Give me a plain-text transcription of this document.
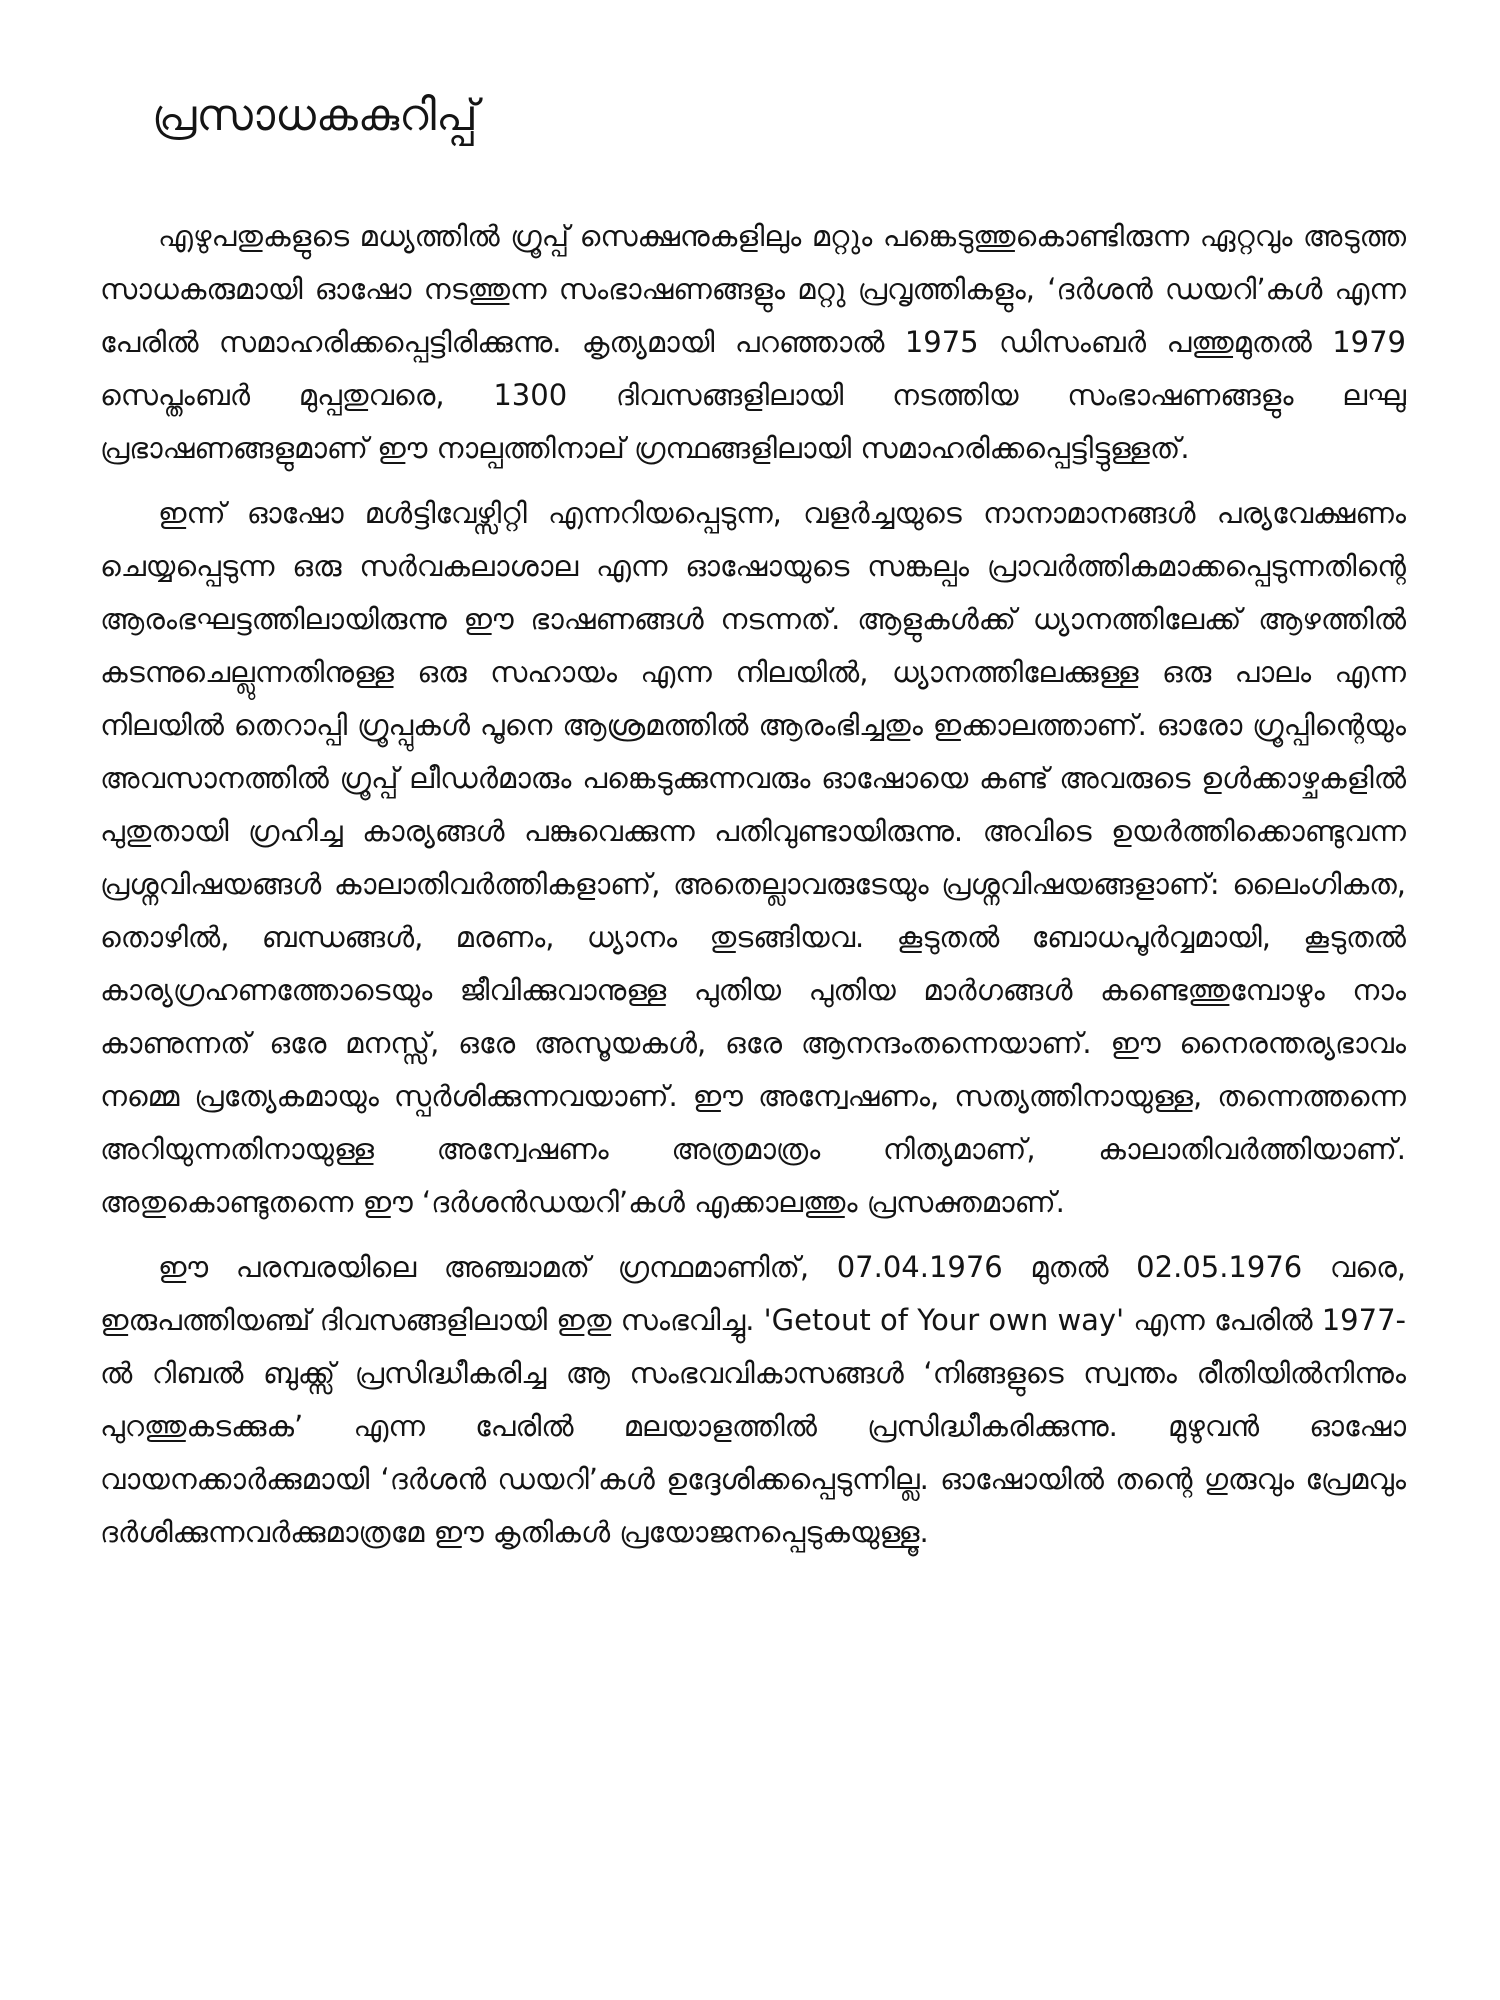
പ്രസാധകകുറിപ്പ്

എഴുപതുകളുടെ മധ്യത്തിൽ ഗ്രൂപ്പ് സെക്ഷനുകളിലും മറ്റും പങ്കെടുത്തുകൊണ്ടിരുന്ന ഏറ്റവും അടുത്ത സാധകരുമായി ഓഷോ നടത്തുന്ന സംഭാഷണങ്ങളും മറ്റു പ്രവൃത്തികളും, ‘ദർശൻ ഡയറി’കൾ എന്ന പേരിൽ സമാഹരിക്കപ്പെട്ടിരിക്കുന്നു. കൃത്യമായി പറഞ്ഞാൽ 1975 ഡിസംബർ പത്തുമുതൽ 1979 സെപ്തംബർ മുപ്പതുവരെ, 1300 ദിവസങ്ങളിലായി നടത്തിയ സംഭാഷണങ്ങളും ലഘു പ്രഭാഷണങ്ങളുമാണ് ഈ നാല്പത്തിനാല് ഗ്രന്ഥങ്ങളിലായി സമാഹരിക്കപ്പെട്ടിട്ടുള്ളത്.

ഇന്ന് ഓഷോ മൾട്ടിവേഴ്സിറ്റി എന്നറിയപ്പെടുന്ന, വളർച്ചയുടെ നാനാമാനങ്ങൾ പര്യവേക്ഷണം ചെയ്യപ്പെടുന്ന ഒരു സർവകലാശാല എന്ന ഓഷോയുടെ സങ്കല്പം പ്രാവർത്തികമാക്കപ്പെടുന്നതിന്റെ ആരംഭഘട്ടത്തിലായിരുന്നു ഈ ഭാഷണങ്ങൾ നടന്നത്. ആളുകൾക്ക് ധ്യാനത്തിലേക്ക് ആഴത്തിൽ കടന്നുചെല്ലുന്നതിനുള്ള ഒരു സഹായം എന്ന നിലയിൽ, ധ്യാനത്തിലേക്കുള്ള ഒരു പാലം എന്ന നിലയിൽ തെറാപ്പി ഗ്രൂപ്പുകൾ പൂനെ ആശ്രമത്തിൽ ആരംഭിച്ചതും ഇക്കാലത്താണ്. ഓരോ ഗ്രൂപ്പിന്റെയും അവസാനത്തിൽ ഗ്രൂപ്പ് ലീഡർമാരും പങ്കെടുക്കുന്നവരും ഓഷോയെ കണ്ട് അവരുടെ ഉൾക്കാഴ്ചകളിൽ പുതുതായി ഗ്രഹിച്ച കാര്യങ്ങൾ പങ്കുവെക്കുന്ന പതിവുണ്ടായിരുന്നു. അവിടെ ഉയർത്തിക്കൊണ്ടുവന്ന പ്രശ്നവിഷയങ്ങൾ കാലാതിവർത്തികളാണ്, അതെല്ലാവരുടേയും പ്രശ്നവിഷയങ്ങളാണ്: ലൈംഗികത, തൊഴിൽ, ബന്ധങ്ങൾ, മരണം, ധ്യാനം തുടങ്ങിയവ. കൂടുതൽ ബോധപൂർവ്വമായി, കൂടുതൽ കാര്യഗ്രഹണത്തോടെയും ജീവിക്കുവാനുള്ള പുതിയ പുതിയ മാർഗങ്ങൾ കണ്ടെത്തുമ്പോഴും നാം കാണുന്നത് ഒരേ മനസ്സ്, ഒരേ അസൂയകൾ, ഒരേ ആനന്ദംതന്നെയാണ്. ഈ നൈരന്തര്യഭാവം നമ്മെ പ്രത്യേകമായും സ്പർശിക്കുന്നവയാണ്. ഈ അന്വേഷണം, സത്യത്തിനായുള്ള, തന്നെത്തന്നെ അറിയുന്നതിനായുള്ള അന്വേഷണം അത്രമാത്രം നിത്യമാണ്, കാലാതിവർത്തിയാണ്. അതുകൊണ്ടുതന്നെ ഈ ‘ദർശൻഡയറി’കൾ എക്കാലത്തും പ്രസക്തമാണ്.

ഈ പരമ്പരയിലെ അഞ്ചാമത് ഗ്രന്ഥമാണിത്, 07.04.1976 മുതൽ 02.05.1976 വരെ, ഇരുപത്തിയഞ്ച് ദിവസങ്ങളിലായി ഇതു സംഭവിച്ചു. 'Getout of Your own way' എന്ന പേരിൽ 1977-ൽ റിബൽ ബുക്ക്സ് പ്രസിദ്ധീകരിച്ച ആ സംഭവവികാസങ്ങൾ ‘നിങ്ങളുടെ സ്വന്തം രീതിയിൽനിന്നും പുറത്തുകടക്കുക’ എന്ന പേരിൽ മലയാളത്തിൽ പ്രസിദ്ധീകരിക്കുന്നു. മുഴുവൻ ഓഷോ വായനക്കാർക്കുമായി ‘ദർശൻ ഡയറി’കൾ ഉദ്ദേശിക്കപ്പെടുന്നില്ല. ഓഷോയിൽ തന്റെ ഗുരുവും പ്രേമവും ദർശിക്കുന്നവർക്കുമാത്രമേ ഈ കൃതികൾ പ്രയോജനപ്പെടുകയുള്ളൂ.
